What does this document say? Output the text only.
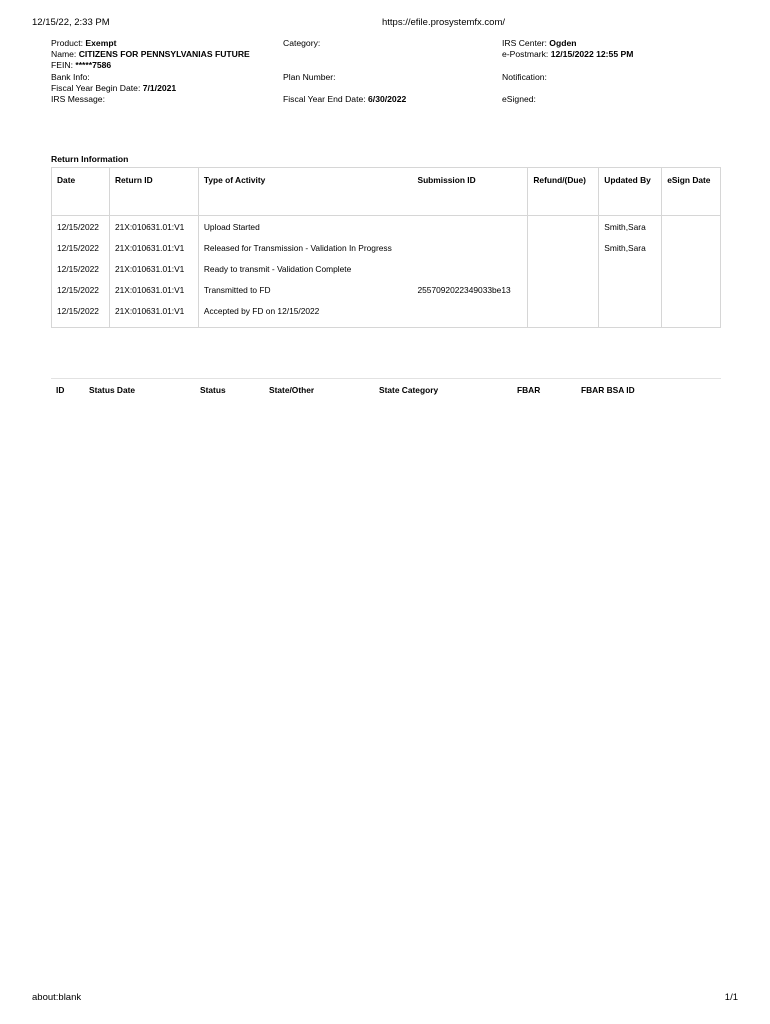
12/15/22, 2:33 PM	https://efile.prosystemfx.com/
Product: Exempt
Name: CITIZENS FOR PENNSYLVANIAS FUTURE
FEIN: *****7586
Bank Info:
Fiscal Year Begin Date: 7/1/2021
IRS Message:
Category:

Plan Number:

Fiscal Year End Date: 6/30/2022
IRS Center: Ogden
e-Postmark: 12/15/2022 12:55 PM

Notification:

eSigned:
Return Information
Date	Return ID	Type of Activity	Submission ID	Refund/(Due)	Updated By	eSign Date
12/15/2022	21X:010631.01:V1	Upload Started			Smith,Sara	
12/15/2022	21X:010631.01:V1	Released for Transmission - Validation In Progress			Smith,Sara	
12/15/2022	21X:010631.01:V1	Ready to transmit - Validation Complete				
12/15/2022	21X:010631.01:V1	Transmitted to FD	2557092022349033be13			
12/15/2022	21X:010631.01:V1	Accepted by FD on 12/15/2022				
ID	Status Date	Status	State/Other	State Category	FBAR	FBAR BSA ID
about:blank	1/1
